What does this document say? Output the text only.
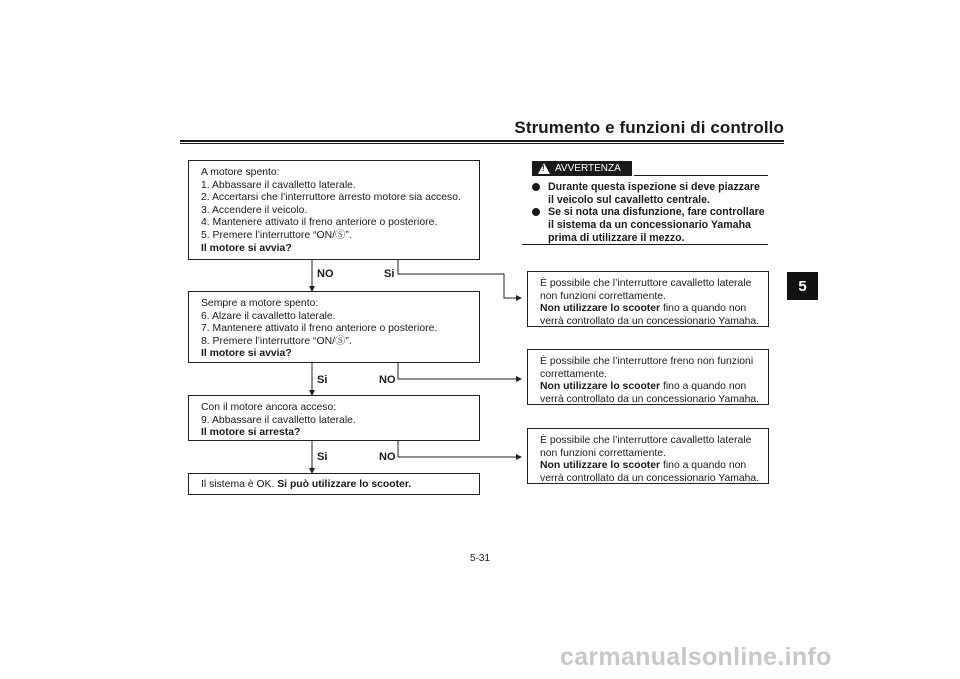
Strumento e funzioni di controllo
5
A motore spento:
1. Abbassare il cavalletto laterale.
2. Accertarsi che l’interruttore arresto motore sia acceso.
3. Accendere il veicolo.
4. Mantenere attivato il freno anteriore o posteriore.
5. Premere l’interruttore “ON/Ⓢ”.
Il motore si avvia?
NO	Si
Sempre a motore spento:
6. Alzare il cavalletto laterale.
7. Mantenere attivato il freno anteriore o posteriore.
8. Premere l’interruttore “ON/Ⓢ”.
Il motore si avvia?
Si	NO
Con il motore ancora acceso:
9. Abbassare il cavalletto laterale.
Il motore si arresta?
Si	NO
Il sistema è OK. Si può utilizzare lo scooter.
! AVVERTENZA
Durante questa ispezione si deve piazzare
il veicolo sul cavalletto centrale.
Se si nota una disfunzione, fare controllare
il sistema da un concessionario Yamaha
prima di utilizzare il mezzo.
È possibile che l’interruttore cavalletto laterale
non funzioni correttamente.
Non utilizzare lo scooter fino a quando non
verrà controllato da un concessionario Yamaha.
È possibile che l’interruttore freno non funzioni
correttamente.
Non utilizzare lo scooter fino a quando non
verrà controllato da un concessionario Yamaha.
È possibile che l’interruttore cavalletto laterale
non funzioni correttamente.
Non utilizzare lo scooter fino a quando non
verrà controllato da un concessionario Yamaha.
5-31
carmanualsonline.info
